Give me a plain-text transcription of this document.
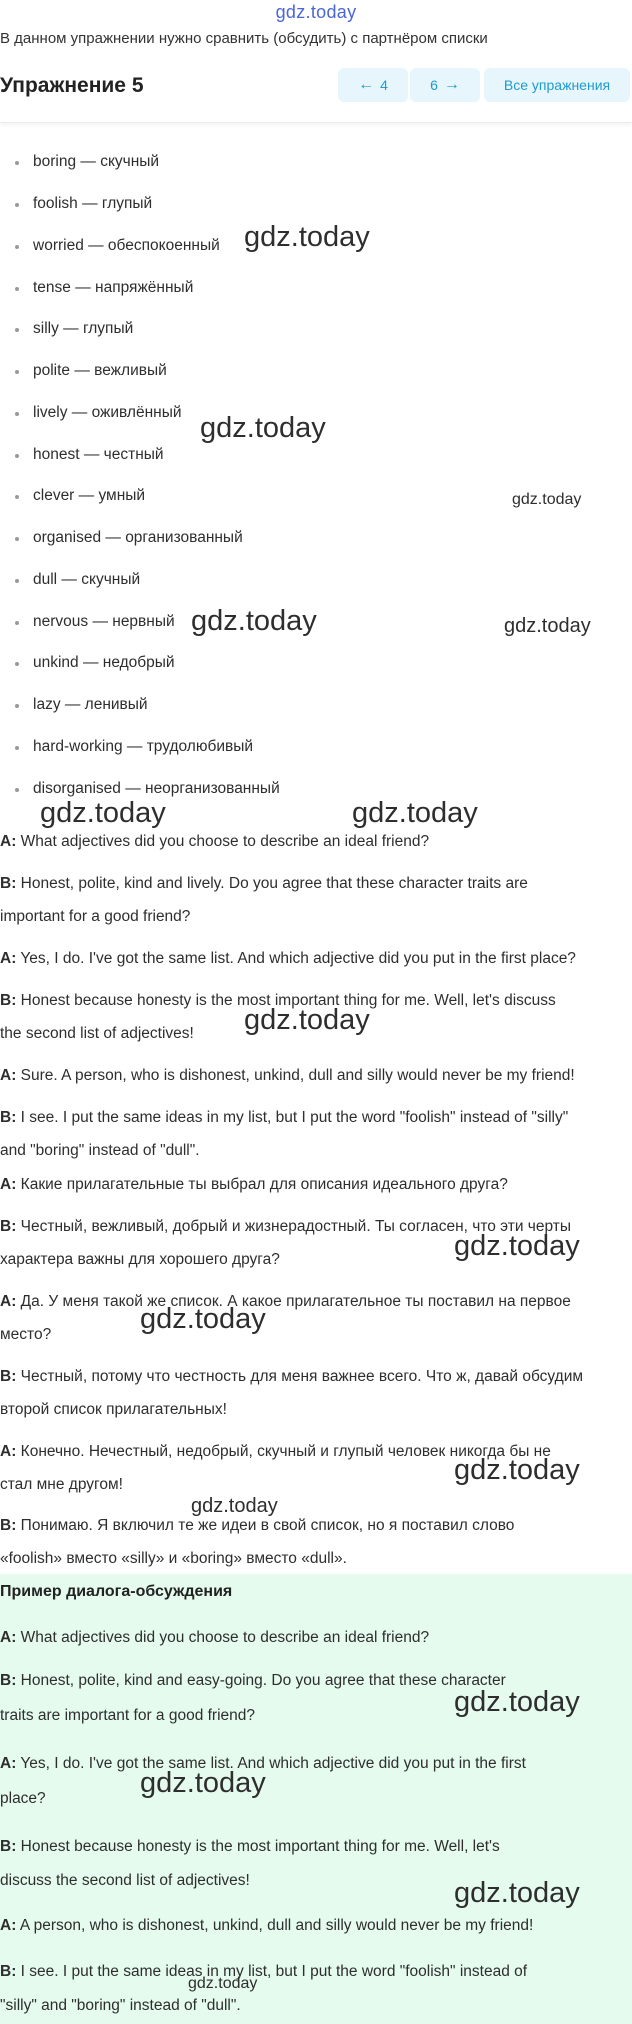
gdz.today
В данном упражнении нужно сравнить (обсудить) с партнёром списки
Упражнение 5	← 4	6 →	Все упражнения
boring — скучный
foolish — глупый
worried — обеспокоенный
tense — напряжённый
silly — глупый
polite — вежливый
lively — оживлённый
honest — честный
clever — умный
organised — организованный
dull — скучный
nervous — нервный
unkind — недобрый
lazy — ленивый
hard-working — трудолюбивый
disorganised — неорганизованный
A: What adjectives did you choose to describe an ideal friend?
B: Honest, polite, kind and lively. Do you agree that these character traits are
important for a good friend?
A: Yes, I do. I've got the same list. And which adjective did you put in the first place?
B: Honest because honesty is the most important thing for me. Well, let's discuss
the second list of adjectives!
A: Sure. A person, who is dishonest, unkind, dull and silly would never be my friend!
B: I see. I put the same ideas in my list, but I put the word "foolish" instead of "silly"
and "boring" instead of "dull".
A: Какие прилагательные ты выбрал для описания идеального друга?
B: Честный, вежливый, добрый и жизнерадостный. Ты согласен, что эти черты
характера важны для хорошего друга?
A: Да. У меня такой же список. А какое прилагательное ты поставил на первое
место?
B: Честный, потому что честность для меня важнее всего. Что ж, давай обсудим
второй список прилагательных!
A: Конечно. Нечестный, недобрый, скучный и глупый человек никогда бы не
стал мне другом!
B: Понимаю. Я включил те же идеи в свой список, но я поставил слово
«foolish» вместо «silly» и «boring» вместо «dull».
Пример диалога-обсуждения
A: What adjectives did you choose to describe an ideal friend?
B: Honest, polite, kind and easy-going. Do you agree that these character
traits are important for a good friend?
A: Yes, I do. I've got the same list. And which adjective did you put in the first
place?
B: Honest because honesty is the most important thing for me. Well, let's
discuss the second list of adjectives!
A: A person, who is dishonest, unkind, dull and silly would never be my friend!
B: I see. I put the same ideas in my list, but I put the word "foolish" instead of
"silly" and "boring" instead of "dull".
gdz.today
gdz.today
gdz.today
gdz.today	gdz.today
gdz.today	gdz.today
gdz.today
gdz.today
gdz.today
gdz.today
gdz.today
gdz.today
gdz.today
gdz.today
gdz.today
